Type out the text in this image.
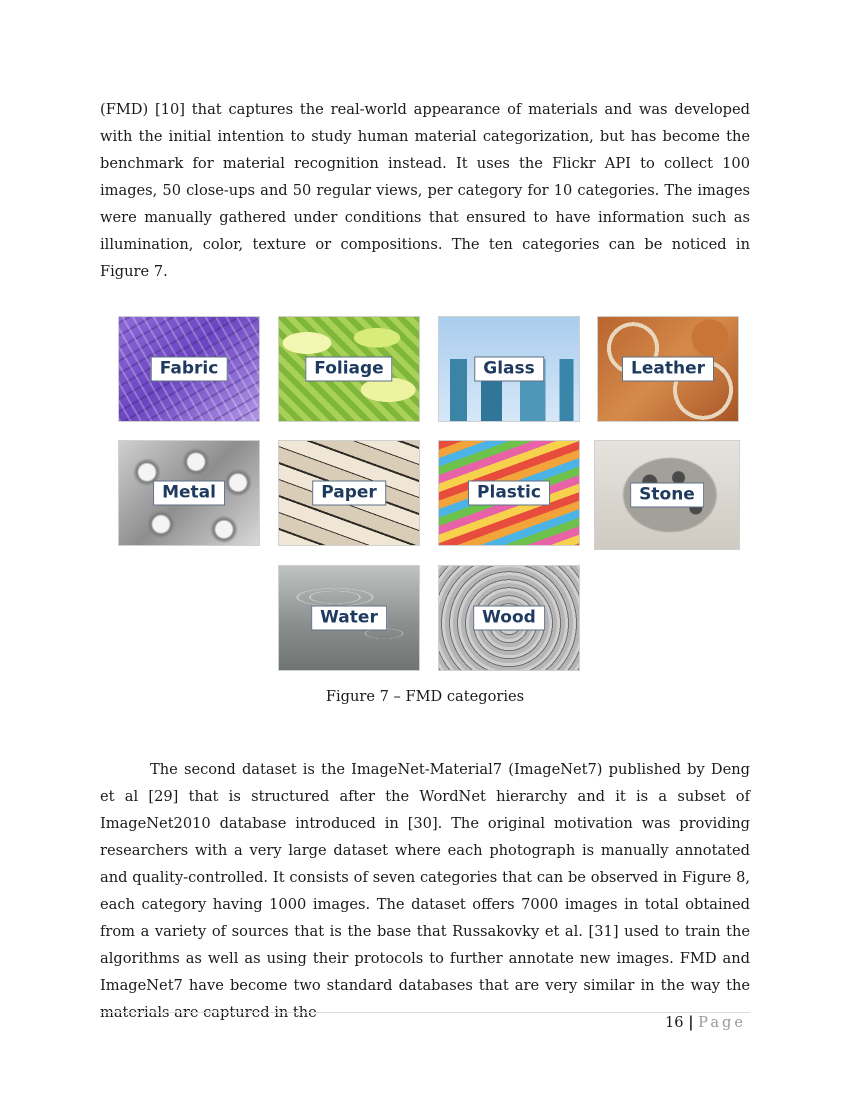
(FMD) [10] that captures the real-world appearance of materials and was developed with the initial intention to study human material categorization, but has become the benchmark for material recognition instead. It uses the Flickr API to collect 100 images, 50 close-ups and 50 regular views, per category for 10 categories. The images were manually gathered under conditions that ensured to have information such as illumination, color, texture or compositions. The ten categories can be noticed in Figure 7.

Fabric	Foliage	Glass	Leather
Metal	Paper	Plastic	Stone
Water	Wood

Figure 7 – FMD categories

The second dataset is the ImageNet-Material7 (ImageNet7) published by Deng et al [29] that is structured after the WordNet hierarchy and it is a subset of ImageNet2010 database introduced in [30]. The original motivation was providing researchers with a very large dataset where each photograph is manually annotated and quality-controlled. It consists of seven categories that can be observed in Figure 8, each category having 1000 images. The dataset offers 7000 images in total obtained from a variety of sources that is the base that Russakovky et al. [31] used to train the algorithms as well as using their protocols to further annotate new images. FMD and ImageNet7 have become two standard databases that are very similar in the way the materials are captured in the

16 | Page
